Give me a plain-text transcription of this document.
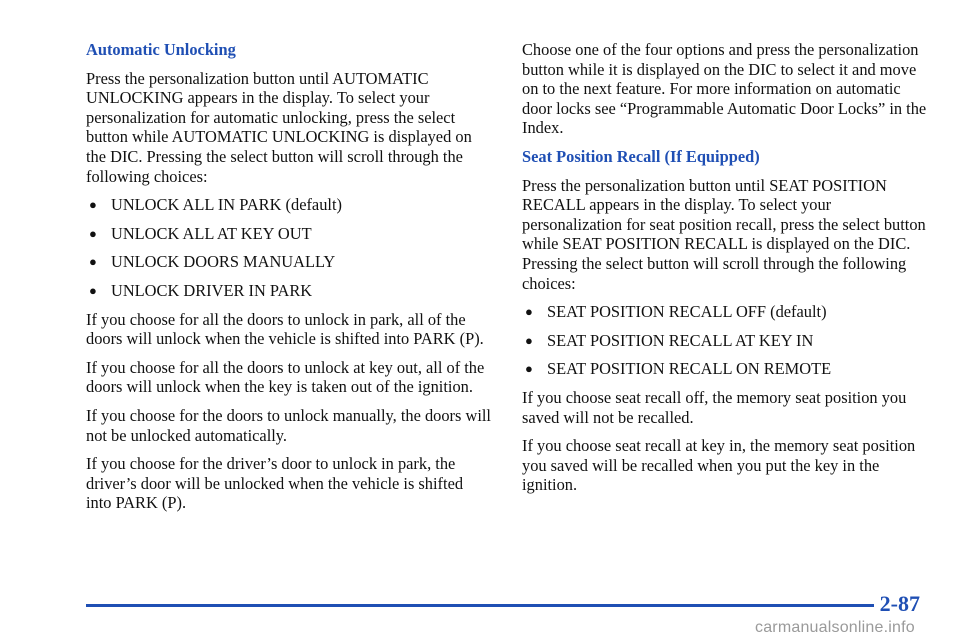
Automatic Unlocking

Press the personalization button until AUTOMATIC UNLOCKING appears in the display. To select your personalization for automatic unlocking, press the select button while AUTOMATIC UNLOCKING is displayed on the DIC. Pressing the select button will scroll through the following choices:

● UNLOCK ALL IN PARK (default)
● UNLOCK ALL AT KEY OUT
● UNLOCK DOORS MANUALLY
● UNLOCK DRIVER IN PARK

If you choose for all the doors to unlock in park, all of the doors will unlock when the vehicle is shifted into PARK (P).

If you choose for all the doors to unlock at key out, all of the doors will unlock when the key is taken out of the ignition.

If you choose for the doors to unlock manually, the doors will not be unlocked automatically.

If you choose for the driver’s door to unlock in park, the driver’s door will be unlocked when the vehicle is shifted into PARK (P).

Choose one of the four options and press the personalization button while it is displayed on the DIC to select it and move on to the next feature. For more information on automatic door locks see “Programmable Automatic Door Locks” in the Index.

Seat Position Recall (If Equipped)

Press the personalization button until SEAT POSITION RECALL appears in the display. To select your personalization for seat position recall, press the select button while SEAT POSITION RECALL is displayed on the DIC. Pressing the select button will scroll through the following choices:

● SEAT POSITION RECALL OFF (default)
● SEAT POSITION RECALL AT KEY IN
● SEAT POSITION RECALL ON REMOTE

If you choose seat recall off, the memory seat position you saved will not be recalled.

If you choose seat recall at key in, the memory seat position you saved will be recalled when you put the key in the ignition.

2-87
carmanualsonline.info
